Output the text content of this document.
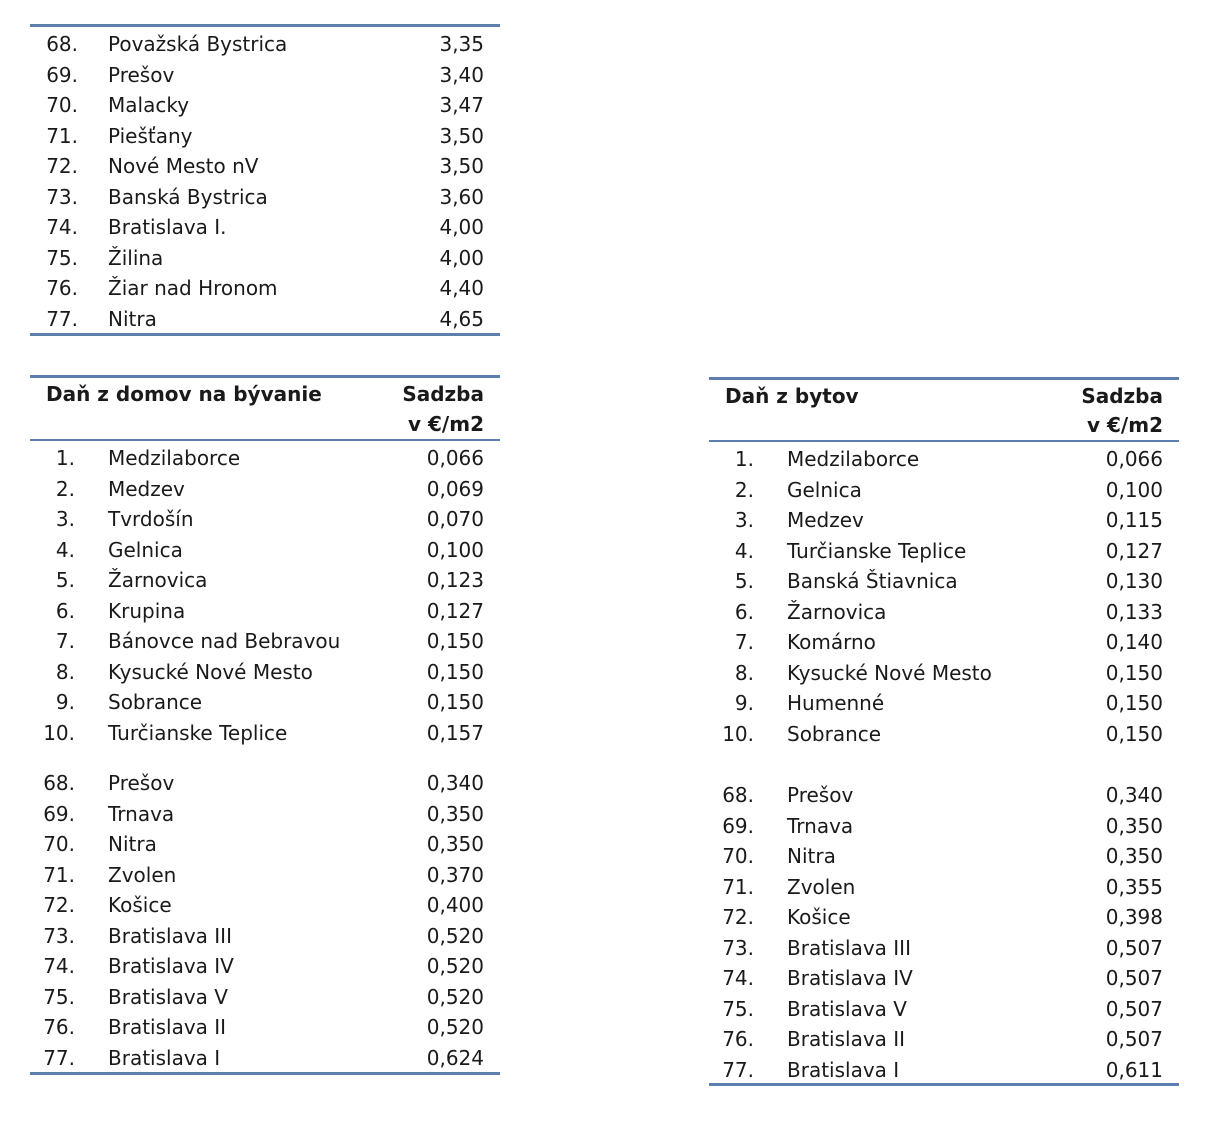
68. Považská Bystrica	3,35
69. Prešov	3,40
70. Malacky	3,47
71. Piešťany	3,50
72. Nové Mesto nV	3,50
73. Banská Bystrica	3,60
74. Bratislava I.	4,00
75. Žilina	4,00
76. Žiar nad Hronom	4,40
77. Nitra	4,65
Daň z domov na bývanie	Sadzba
v €/m2
1. Medzilaborce	0,066
2. Medzev	0,069
3. Tvrdošín	0,070
4. Gelnica	0,100
5. Žarnovica	0,123
6. Krupina	0,127
7. Bánovce nad Bebravou	0,150
8. Kysucké Nové Mesto	0,150
9. Sobrance	0,150
10. Turčianske Teplice	0,157
68. Prešov	0,340
69. Trnava	0,350
70. Nitra	0,350
71. Zvolen	0,370
72. Košice	0,400
73. Bratislava III	0,520
74. Bratislava IV	0,520
75. Bratislava V	0,520
76. Bratislava II	0,520
77. Bratislava I	0,624
Daň z bytov	Sadzba
v €/m2
1. Medzilaborce	0,066
2. Gelnica	0,100
3. Medzev	0,115
4. Turčianske Teplice	0,127
5. Banská Štiavnica	0,130
6. Žarnovica	0,133
7. Komárno	0,140
8. Kysucké Nové Mesto	0,150
9. Humenné	0,150
10. Sobrance	0,150
68. Prešov	0,340
69. Trnava	0,350
70. Nitra	0,350
71. Zvolen	0,355
72. Košice	0,398
73. Bratislava III	0,507
74. Bratislava IV	0,507
75. Bratislava V	0,507
76. Bratislava II	0,507
77. Bratislava I	0,611
